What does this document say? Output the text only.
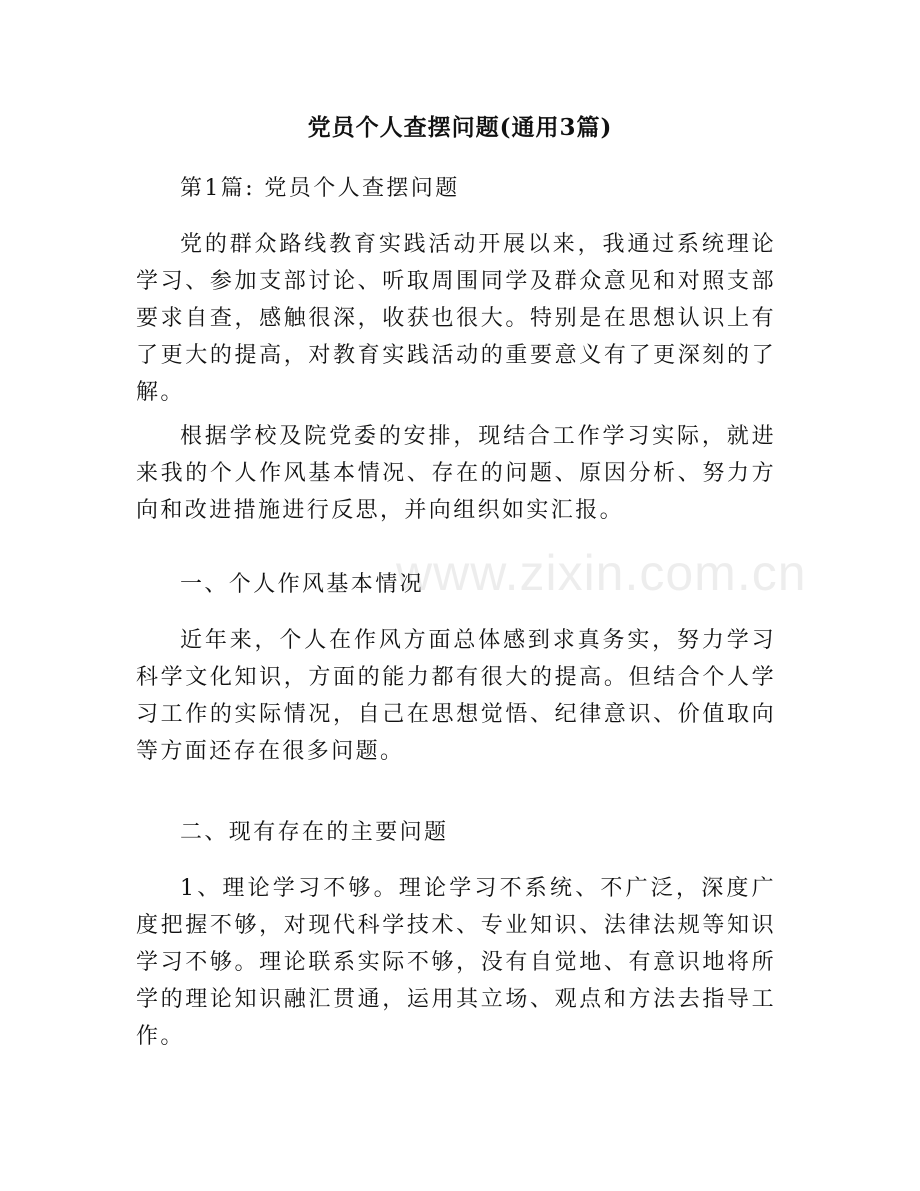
党员个人查摆问题(通用3篇)

第1篇: 党员个人查摆问题

党的群众路线教育实践活动开展以来，我通过系统理论学习、参加支部讨论、听取周围同学及群众意见和对照支部要求自查，感触很深，收获也很大。特别是在思想认识上有了更大的提高，对教育实践活动的重要意义有了更深刻的了解。

根据学校及院党委的安排，现结合工作学习实际，就进来我的个人作风基本情况、存在的问题、原因分析、努力方向和改进措施进行反思，并向组织如实汇报。

一、个人作风基本情况

近年来，个人在作风方面总体感到求真务实，努力学习科学文化知识，方面的能力都有很大的提高。但结合个人学习工作的实际情况，自己在思想觉悟、纪律意识、价值取向等方面还存在很多问题。

二、现有存在的主要问题

1、理论学习不够。理论学习不系统、不广泛，深度广度把握不够，对现代科学技术、专业知识、法律法规等知识学习不够。理论联系实际不够，没有自觉地、有意识地将所学的理论知识融汇贯通，运用其立场、观点和方法去指导工作。

www.zixin.com.cn
